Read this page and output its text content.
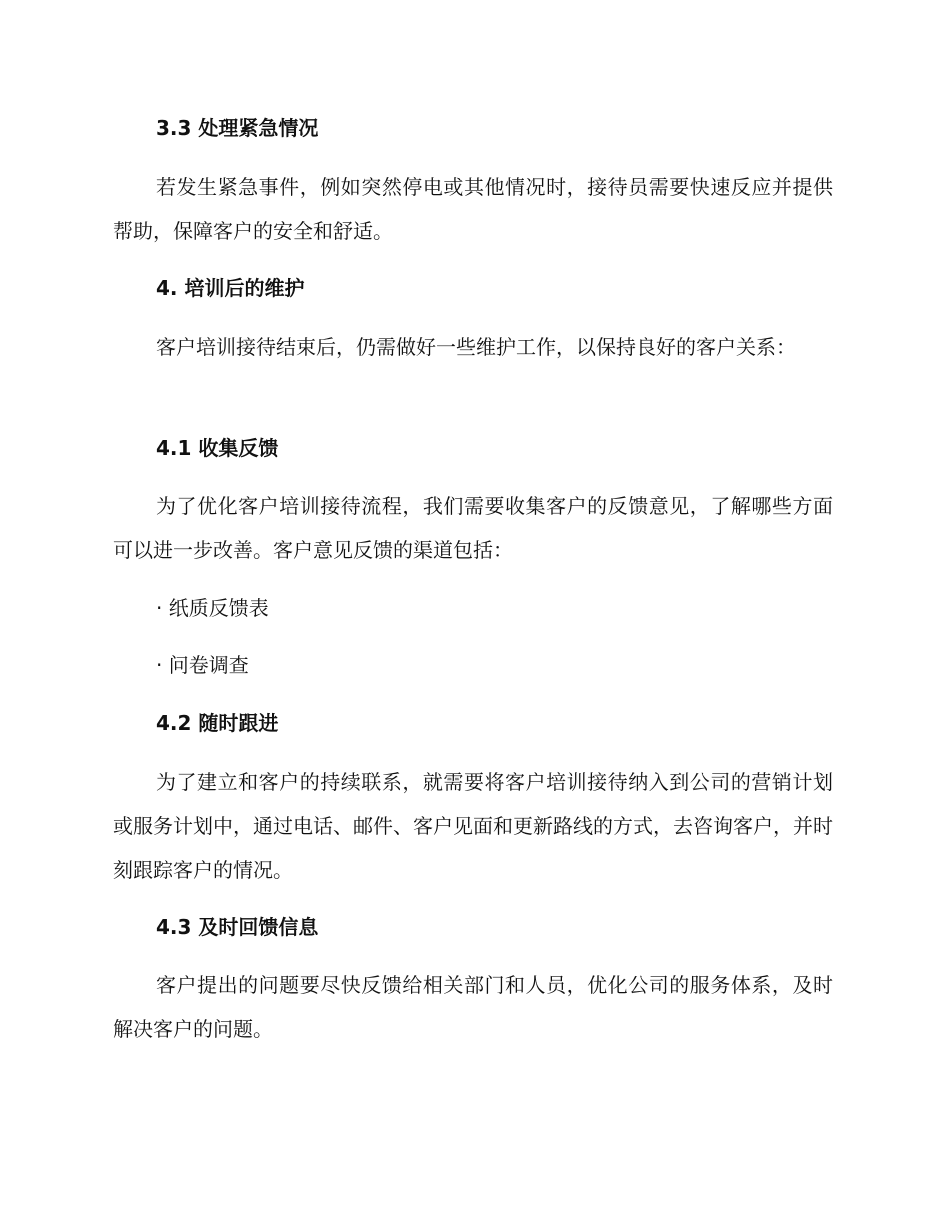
3.3 处理紧急情况

若发生紧急事件，例如突然停电或其他情况时，接待员需要快速反应并提供帮助，保障客户的安全和舒适。

4. 培训后的维护

客户培训接待结束后，仍需做好一些维护工作，以保持良好的客户关系：

4.1 收集反馈

为了优化客户培训接待流程，我们需要收集客户的反馈意见，了解哪些方面可以进一步改善。客户意见反馈的渠道包括：

· 纸质反馈表
· 问卷调查
4.2 随时跟进

为了建立和客户的持续联系，就需要将客户培训接待纳入到公司的营销计划或服务计划中，通过电话、邮件、客户见面和更新路线的方式，去咨询客户，并时刻跟踪客户的情况。

4.3 及时回馈信息

客户提出的问题要尽快反馈给相关部门和人员，优化公司的服务体系，及时解决客户的问题。
